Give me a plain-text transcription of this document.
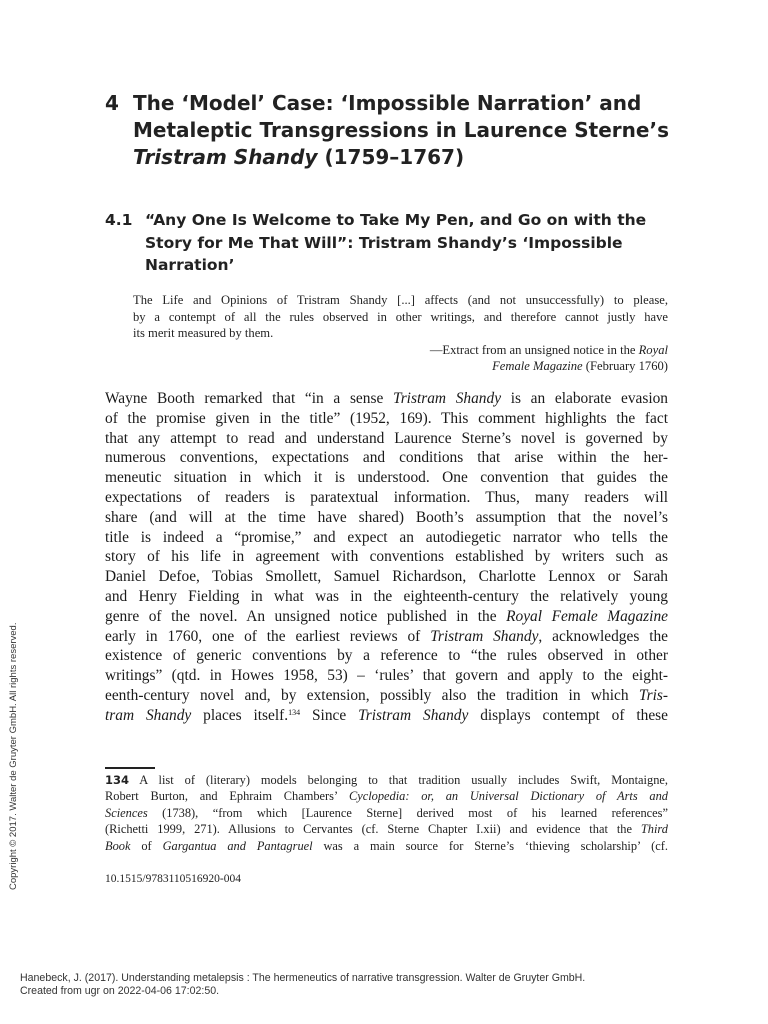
4 The ‘Model’ Case: ‘Impossible Narration’ and
Metaleptic Transgressions in Laurence Sterne’s
Tristram Shandy (1759–1767)
4.1 “Any One Is Welcome to Take My Pen, and Go on with the
Story for Me That Will”: Tristram Shandy’s ‘Impossible
Narration’
The Life and Opinions of Tristram Shandy [...] affects (and not unsuccessfully) to please,
by a contempt of all the rules observed in other writings, and therefore cannot justly have
its merit measured by them.
—Extract from an unsigned notice in the Royal
Female Magazine (February 1760)
Wayne Booth remarked that “in a sense Tristram Shandy is an elaborate evasion
of the promise given in the title” (1952, 169). This comment highlights the fact
that any attempt to read and understand Laurence Sterne’s novel is governed by
numerous conventions, expectations and conditions that arise within the her-
meneutic situation in which it is understood. One convention that guides the
expectations of readers is paratextual information. Thus, many readers will
share (and will at the time have shared) Booth’s assumption that the novel’s
title is indeed a “promise,” and expect an autodiegetic narrator who tells the
story of his life in agreement with conventions established by writers such as
Daniel Defoe, Tobias Smollett, Samuel Richardson, Charlotte Lennox or Sarah
and Henry Fielding in what was in the eighteenth-century the relatively young
genre of the novel. An unsigned notice published in the Royal Female Magazine
early in 1760, one of the earliest reviews of Tristram Shandy, acknowledges the
existence of generic conventions by a reference to “the rules observed in other
writings” (qtd. in Howes 1958, 53) – ‘rules’ that govern and apply to the eight-
eenth-century novel and, by extension, possibly also the tradition in which Tris-
tram Shandy places itself.$^{134}$ Since Tristram Shandy displays contempt of these
134 A list of (literary) models belonging to that tradition usually includes Swift, Montaigne,
Robert Burton, and Ephraim Chambers’ Cyclopedia: or, an Universal Dictionary of Arts and
Sciences (1738), “from which [Laurence Sterne] derived most of his learned references”
(Richetti 1999, 271). Allusions to Cervantes (cf. Sterne Chapter I.xii) and evidence that the Third
Book of Gargantua and Pantagruel was a main source for Sterne’s ‘thieving scholarship’ (cf.
10.1515/9783110516920-004
Copyright © 2017. Walter de Gruyter GmbH. All rights reserved.
Hanebeck, J. (2017). Understanding metalepsis : The hermeneutics of narrative transgression. Walter de Gruyter GmbH.
Created from ugr on 2022-04-06 17:02:50.
